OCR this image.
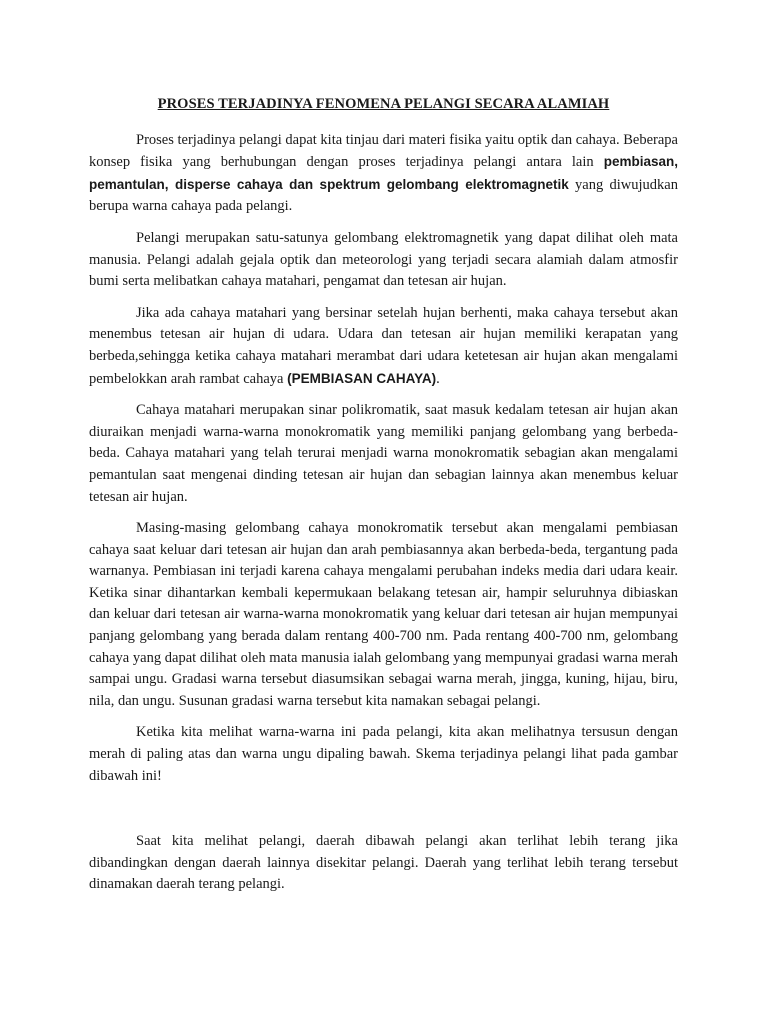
PROSES TERJADINYA FENOMENA PELANGI SECARA ALAMIAH

Proses terjadinya pelangi dapat kita tinjau dari materi fisika yaitu optik dan cahaya. Beberapa konsep fisika yang berhubungan dengan proses terjadinya pelangi antara lain pembiasan, pemantulan, disperse cahaya dan spektrum gelombang elektromagnetik yang diwujudkan berupa warna cahaya pada pelangi.

Pelangi merupakan satu-satunya gelombang elektromagnetik yang dapat dilihat oleh mata manusia. Pelangi adalah gejala optik dan meteorologi yang terjadi secara alamiah dalam atmosfir bumi serta melibatkan cahaya matahari, pengamat dan tetesan air hujan.

Jika ada cahaya matahari yang bersinar setelah hujan berhenti, maka cahaya tersebut akan menembus tetesan air hujan di udara. Udara dan tetesan air hujan memiliki kerapatan yang berbeda,sehingga ketika cahaya matahari merambat dari udara ketetesan air hujan akan mengalami pembelokkan arah rambat cahaya (PEMBIASAN CAHAYA).

Cahaya matahari merupakan sinar polikromatik, saat masuk kedalam tetesan air hujan akan diuraikan menjadi warna-warna monokromatik yang memiliki panjang gelombang yang berbeda-beda. Cahaya matahari yang telah terurai menjadi warna monokromatik sebagian akan mengalami pemantulan saat mengenai dinding tetesan air hujan dan sebagian lainnya akan menembus keluar tetesan air hujan.

Masing-masing gelombang cahaya monokromatik tersebut akan mengalami pembiasan cahaya saat keluar dari tetesan air hujan dan arah pembiasannya akan berbeda-beda, tergantung pada warnanya. Pembiasan ini terjadi karena cahaya mengalami perubahan indeks media dari udara keair. Ketika sinar dihantarkan kembali kepermukaan belakang tetesan air, hampir seluruhnya dibiaskan dan keluar dari tetesan air warna-warna monokromatik yang keluar dari tetesan air hujan mempunyai panjang gelombang yang berada dalam rentang 400-700 nm. Pada rentang 400-700 nm, gelombang cahaya yang dapat dilihat oleh mata manusia ialah gelombang yang mempunyai gradasi warna merah sampai ungu. Gradasi warna tersebut diasumsikan sebagai warna merah, jingga, kuning, hijau, biru, nila, dan ungu. Susunan gradasi warna tersebut kita namakan sebagai pelangi.

Ketika kita melihat warna-warna ini pada pelangi, kita akan melihatnya tersusun dengan merah di paling atas dan warna ungu dipaling bawah. Skema terjadinya pelangi lihat pada gambar dibawah ini!

Saat kita melihat pelangi, daerah dibawah pelangi akan terlihat lebih terang jika dibandingkan dengan daerah lainnya disekitar pelangi. Daerah yang terlihat lebih terang tersebut dinamakan daerah terang pelangi.
